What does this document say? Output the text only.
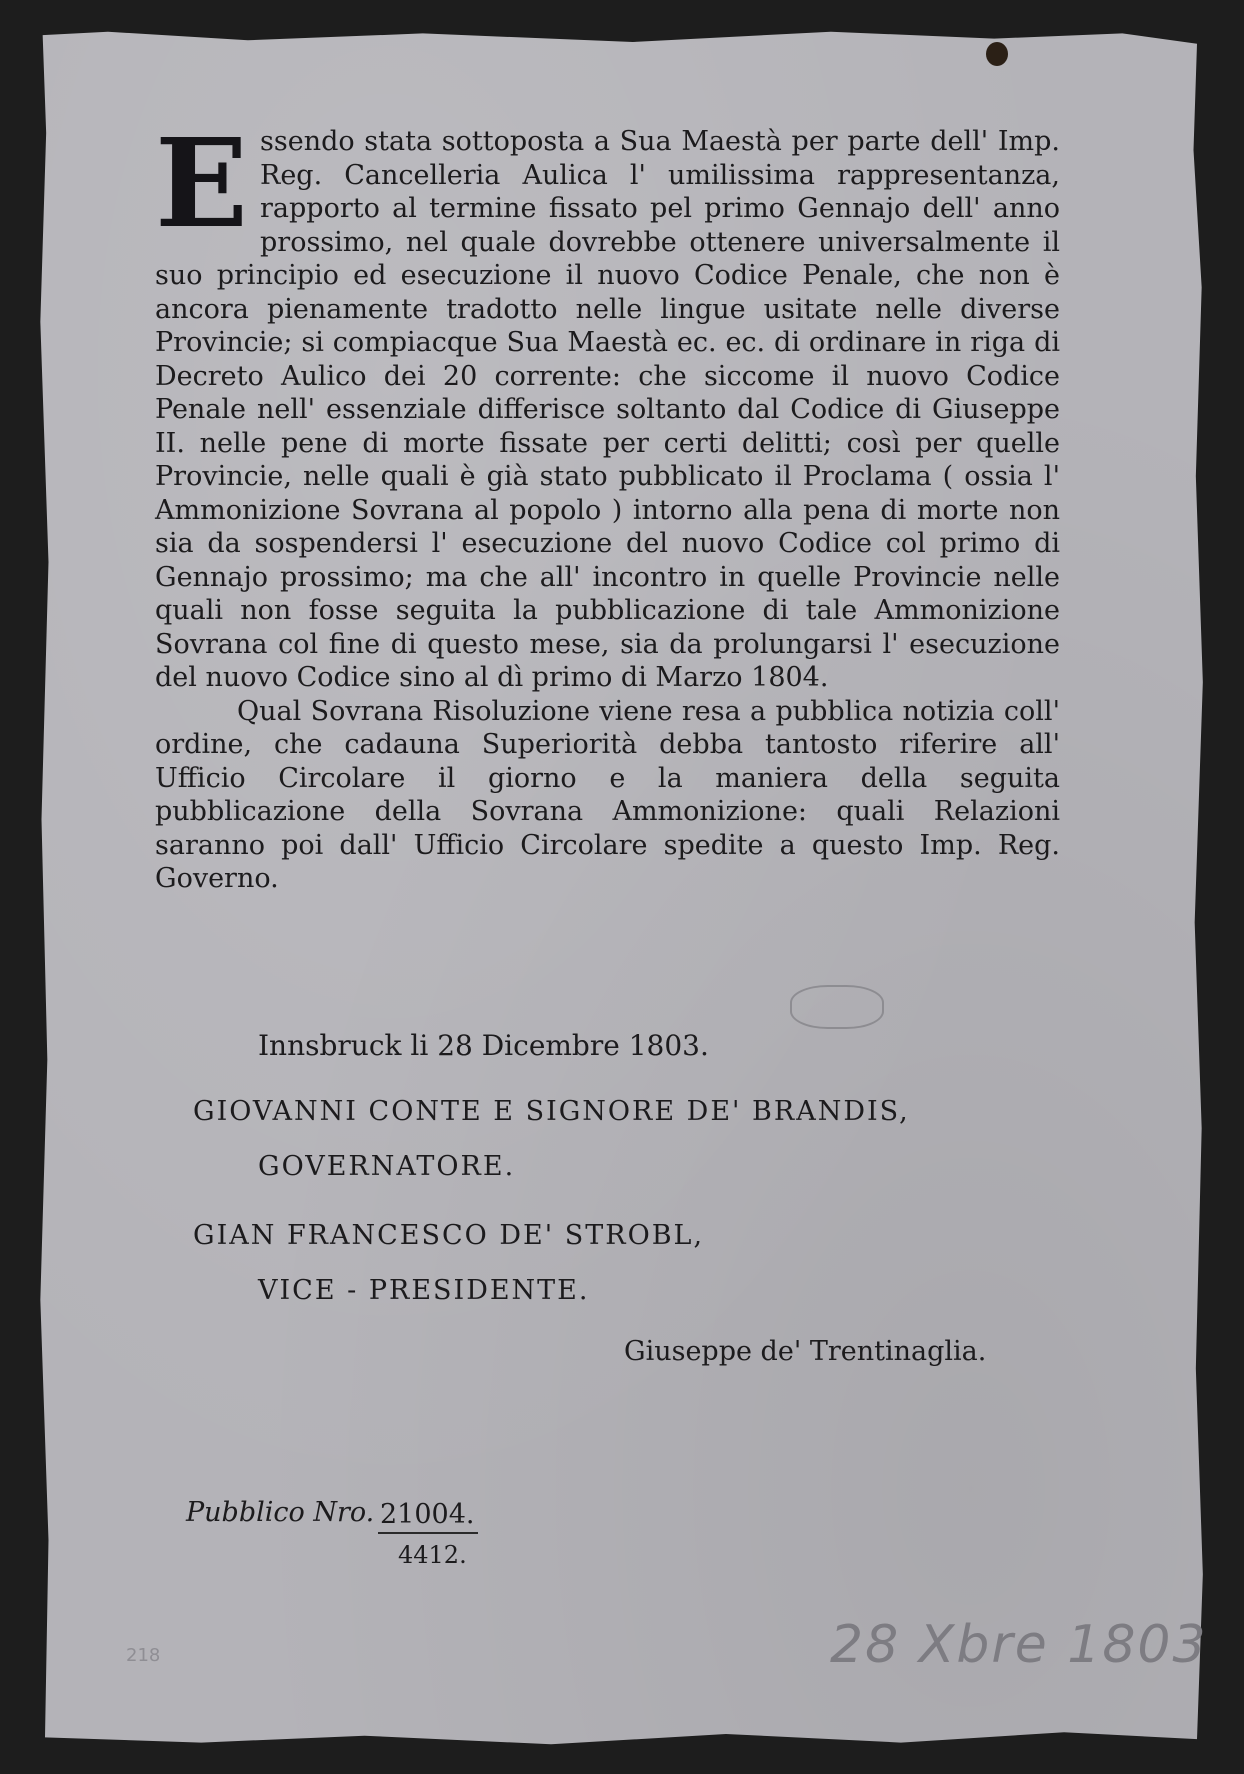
Essendo stata sottoposta a Sua Maestà per parte dell' Imp. Reg. Cancelleria Aulica l' umilissima rappresentanza, rapporto al termine fissato pel primo Gennajo dell' anno prossimo, nel quale dovrebbe ottenere universalmente il suo principio ed esecuzione il nuovo Codice Penale, che non è ancora pienamente tradotto nelle lingue usitate nelle diverse Provincie; si compiacque Sua Maestà ec. ec. di ordinare in riga di Decreto Aulico dei 20 corrente: che siccome il nuovo Codice Penale nell' essenziale differisce soltanto dal Codice di Giuseppe II. nelle pene di morte fissate per certi delitti; così per quelle Provincie, nelle quali è già stato pubblicato il Proclama ( ossia l' Ammonizione Sovrana al popolo ) intorno alla pena di morte non sia da sospendersi l' esecuzione del nuovo Codice col primo di Gennajo prossimo; ma che all' incontro in quelle Provincie nelle quali non fosse seguita la pubblicazione di tale Ammonizione Sovrana col fine di questo mese, sia da prolungarsi l' esecuzione del nuovo Codice sino al dì primo di Marzo 1804.

Qual Sovrana Risoluzione viene resa a pubblica notizia coll' ordine, che cadauna Superiorità debba tantosto riferire all' Ufficio Circolare il giorno e la maniera della seguita pubblicazione della Sovrana Ammonizione: quali Relazioni saranno poi dall' Ufficio Circolare spedite a questo Imp. Reg. Governo.

Innsbruck li 28 Dicembre 1803.
GIOVANNI CONTE E SIGNORE DE' BRANDIS,
GOVERNATORE.
GIAN FRANCESCO DE' STROBL,
VICE - PRESIDENTE.
Giuseppe de' Trentinaglia.
Pubblico Nro. 21004.
4412.
218	28 Xbre 1803
